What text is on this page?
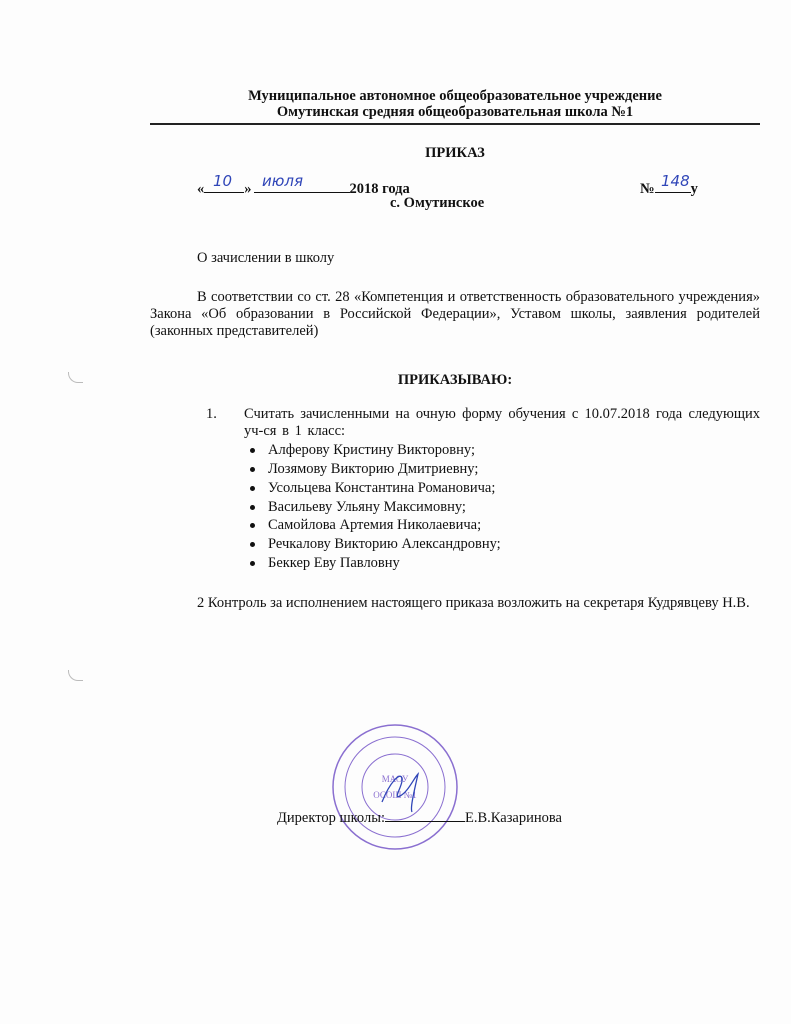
Муниципальное автономное общеобразовательное учреждение
Омутинская средняя общеобразовательная школа №1
ПРИКАЗ
«	»	2018 года
10 июля	№ у
148
с. Омутинское
О зачислении в школу
В соответствии со ст. 28 «Компетенция и ответственность образовательного учреждения» Закона «Об образовании в Российской Федерации», Уставом школы, заявления родителей (законных представителей)
ПРИКАЗЫВАЮ:
1. Считать зачисленными на очную форму обучения с 10.07.2018 года следующих уч-ся в 1 класс:
Алферову Кристину Викторовну;
Лозямову Викторию Дмитриевну;
Усольцева Константина Романовича;
Васильеву Ульяну Максимовну;
Самойлова Артемия Николаевича;
Речкалову Викторию Александровну;
Беккер Еву Павловну
2 Контроль за исполнением настоящего приказа возложить на секретаря Кудрявцеву Н.В.
МАОУ
ОСОШ №1
Директор школы:	Е.В.Казаринова
